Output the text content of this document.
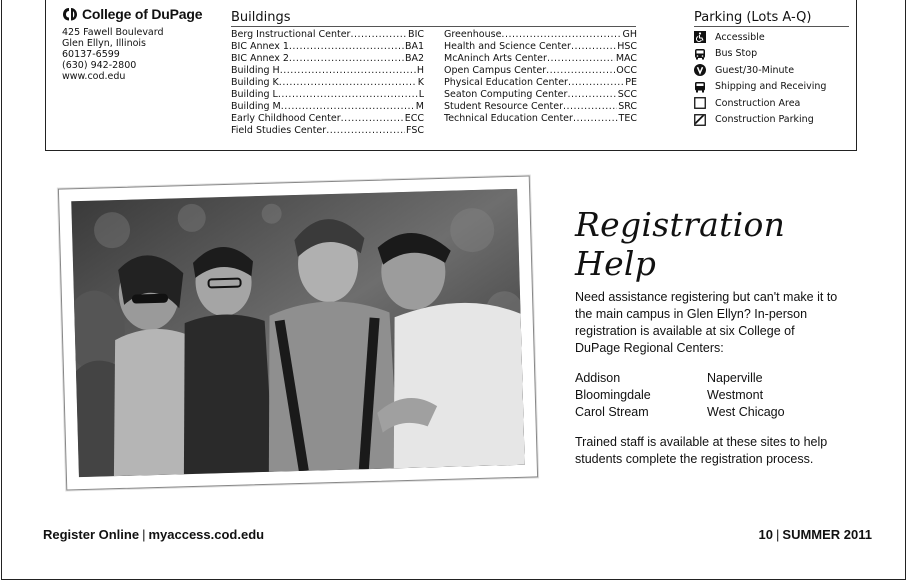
College of DuPage
425 Fawell Boulevard
Glen Ellyn, Illinois
60137-6599
(630) 942-2800
www.cod.edu
Buildings
Berg Instructional Center .....	BIC
BIC Annex 1 .....	BA1
BIC Annex 2 .....	BA2
Building H .....	H
Building K .....	K
Building L .....	L
Building M .....	M
Early Childhood Center .....	ECC
Field Studies Center .....	FSC
Greenhouse .....	GH
Health and Science Center .....	HSC
McAninch Arts Center .....	MAC
Open Campus Center .....	OCC
Physical Education Center .....	PE
Seaton Computing Center .....	SCC
Student Resource Center .....	SRC
Technical Education Center .....	TEC
Parking (Lots A-Q)
Accessible
Bus Stop
Guest/30-Minute
Shipping and Receiving
Construction Area
Construction Parking
Registration Help

Need assistance registering but can't make it to the main campus in Glen Ellyn? In-person registration is available at six College of DuPage Regional Centers:

Addison	Naperville
Bloomingdale	Westmont
Carol Stream	West Chicago

Trained staff is available at these sites to help students complete the registration process.

Register Online | myaccess.cod.edu	10 | SUMMER 2011
